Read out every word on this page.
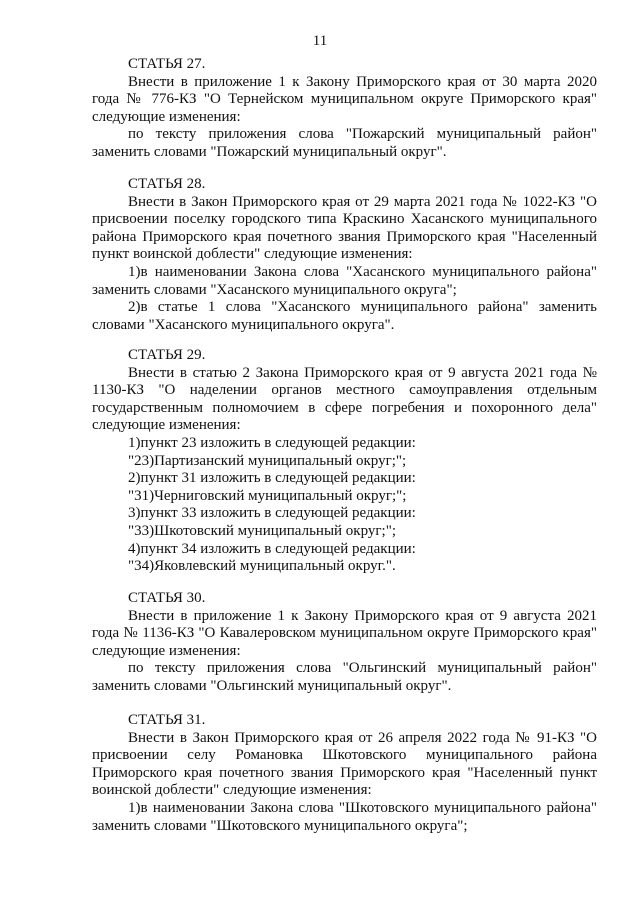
11
СТАТЬЯ 27.
Внести в приложение 1 к Закону Приморского края от 30 марта 2020 года № 776-КЗ "О Тернейском муниципальном округе Приморского края" следующие изменения:
по тексту приложения слова "Пожарский муниципальный район" заменить словами "Пожарский муниципальный округ".
СТАТЬЯ 28.
Внести в Закон Приморского края от 29 марта 2021 года № 1022-КЗ "О присвоении поселку городского типа Краскино Хасанского муниципального района Приморского края почетного звания Приморского края "Населенный пункт воинской доблести" следующие изменения:
1)в наименовании Закона слова "Хасанского муниципального района" заменить словами "Хасанского муниципального округа";
2)в статье 1 слова "Хасанского муниципального района" заменить словами "Хасанского муниципального округа".
СТАТЬЯ 29.
Внести в статью 2 Закона Приморского края от 9 августа 2021 года № 1130-КЗ "О наделении органов местного самоуправления отдельным государственным полномочием в сфере погребения и похоронного дела" следующие изменения:
1)пункт 23 изложить в следующей редакции:
"23)Партизанский муниципальный округ;";
2)пункт 31 изложить в следующей редакции:
"31)Черниговский муниципальный округ;";
3)пункт 33 изложить в следующей редакции:
"33)Шкотовский муниципальный округ;";
4)пункт 34 изложить в следующей редакции:
"34)Яковлевский муниципальный округ.".
СТАТЬЯ 30.
Внести в приложение 1 к Закону Приморского края от 9 августа 2021 года № 1136-КЗ "О Кавалеровском муниципальном округе Приморского края" следующие изменения:
по тексту приложения слова "Ольгинский муниципальный район" заменить словами "Ольгинский муниципальный округ".
СТАТЬЯ 31.
Внести в Закон Приморского края от 26 апреля 2022 года № 91-КЗ "О присвоении селу Романовка Шкотовского муниципального района Приморского края почетного звания Приморского края "Населенный пункт воинской доблести" следующие изменения:
1)в наименовании Закона слова "Шкотовского муниципального района" заменить словами "Шкотовского муниципального округа";
